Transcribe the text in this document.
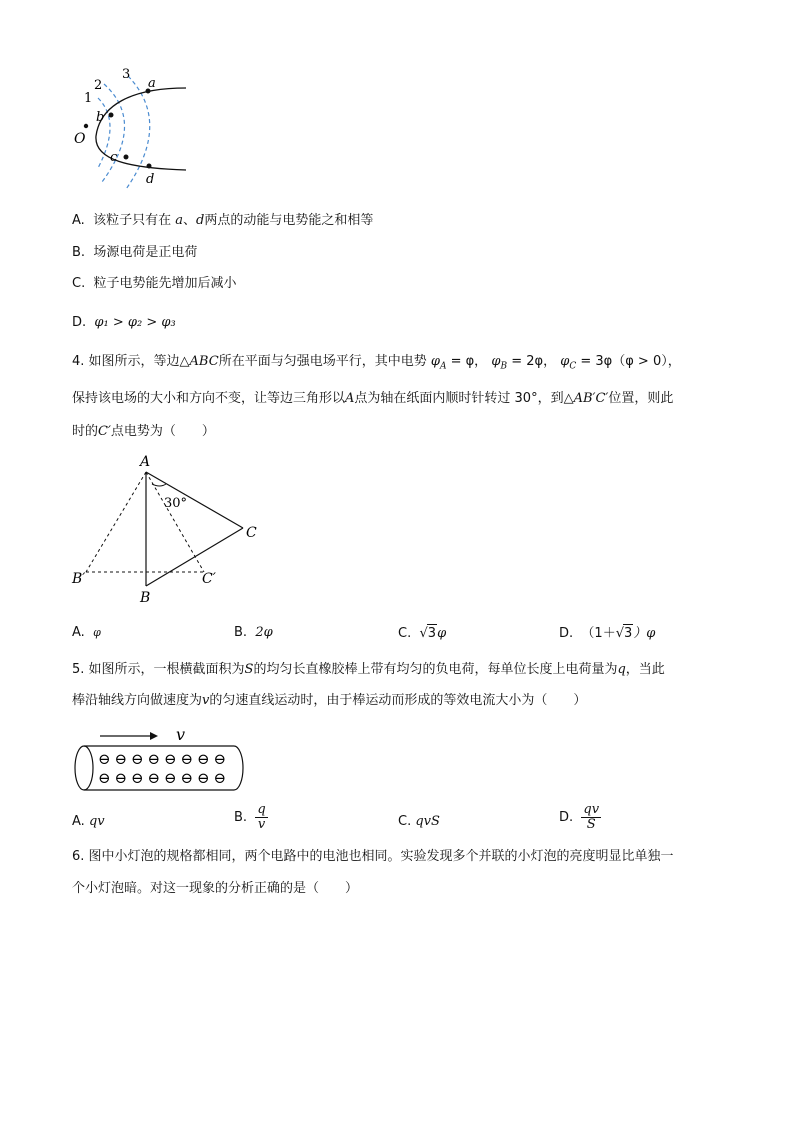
1
2
3
a
b
c
d
O
A. 该粒子只有在 a、d两点的动能与电势能之和相等
B. 场源电荷是正电荷
C. 粒子电势能先增加后减小
D. φ₁ > φ₂ > φ₃
4. 如图所示，等边△ABC所在平面与匀强电场平行，其中电势 $\varphi_A = \varphi$， $\varphi_B = 2\varphi$， $\varphi_C = 3\varphi(\varphi > 0)$，
保持该电场的大小和方向不变，让等边三角形以A点为轴在纸面内顺时针转过 30°，到△AB′C′位置，则此
时的C′点电势为（　　）
A
B
C
B′	C′
30°
A. φ	B. 2φ	C. √3φ	D. （1＋√3）φ
5. 如图所示，一根横截面积为S的均匀长直橡胶棒上带有均匀的负电荷，每单位长度上电荷量为q，当此
棒沿轴线方向做速度为v的匀速直线运动时，由于棒运动而形成的等效电流大小为（　　）
v
⊖ ⊖ ⊖ ⊖ ⊖ ⊖ ⊖ ⊖
⊖ ⊖ ⊖ ⊖ ⊖ ⊖ ⊖ ⊖
A. qv	B. $\frac{q}{v}$	C. qvS	D. $\frac{qv}{S}$
6. 图中小灯泡的规格都相同，两个电路中的电池也相同。实验发现多个并联的小灯泡的亮度明显比单独一
个小灯泡暗。对这一现象的分析正确的是（　　）
